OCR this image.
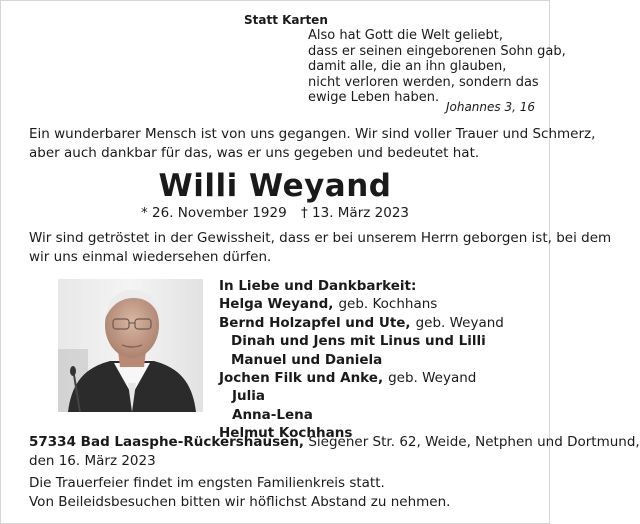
Statt Karten
Also hat Gott die Welt geliebt,
dass er seinen eingeborenen Sohn gab,
damit alle, die an ihn glauben,
nicht verloren werden, sondern das
ewige Leben haben.
Johannes 3, 16
Ein wunderbarer Mensch ist von uns gegangen. Wir sind voller Trauer und Schmerz,
aber auch dankbar für das, was er uns gegeben und bedeutet hat.
Willi Weyand
* 26. November 1929 † 13. März 2023
Wir sind getröstet in der Gewissheit, dass er bei unserem Herrn geborgen ist, bei dem
wir uns einmal wiedersehen dürfen.
In Liebe und Dankbarkeit:
Helga Weyand, geb. Kochhans
Bernd Holzapfel und Ute, geb. Weyand
Dinah und Jens mit Linus und Lilli
Manuel und Daniela
Jochen Filk und Anke, geb. Weyand
Julia
Anna-Lena
Helmut Kochhans
57334 Bad Laasphe-Rückershausen, Siegener Str. 62, Weide, Netphen und Dortmund,
den 16. März 2023
Die Trauerfeier findet im engsten Familienkreis statt.
Von Beileidsbesuchen bitten wir höflichst Abstand zu nehmen.
